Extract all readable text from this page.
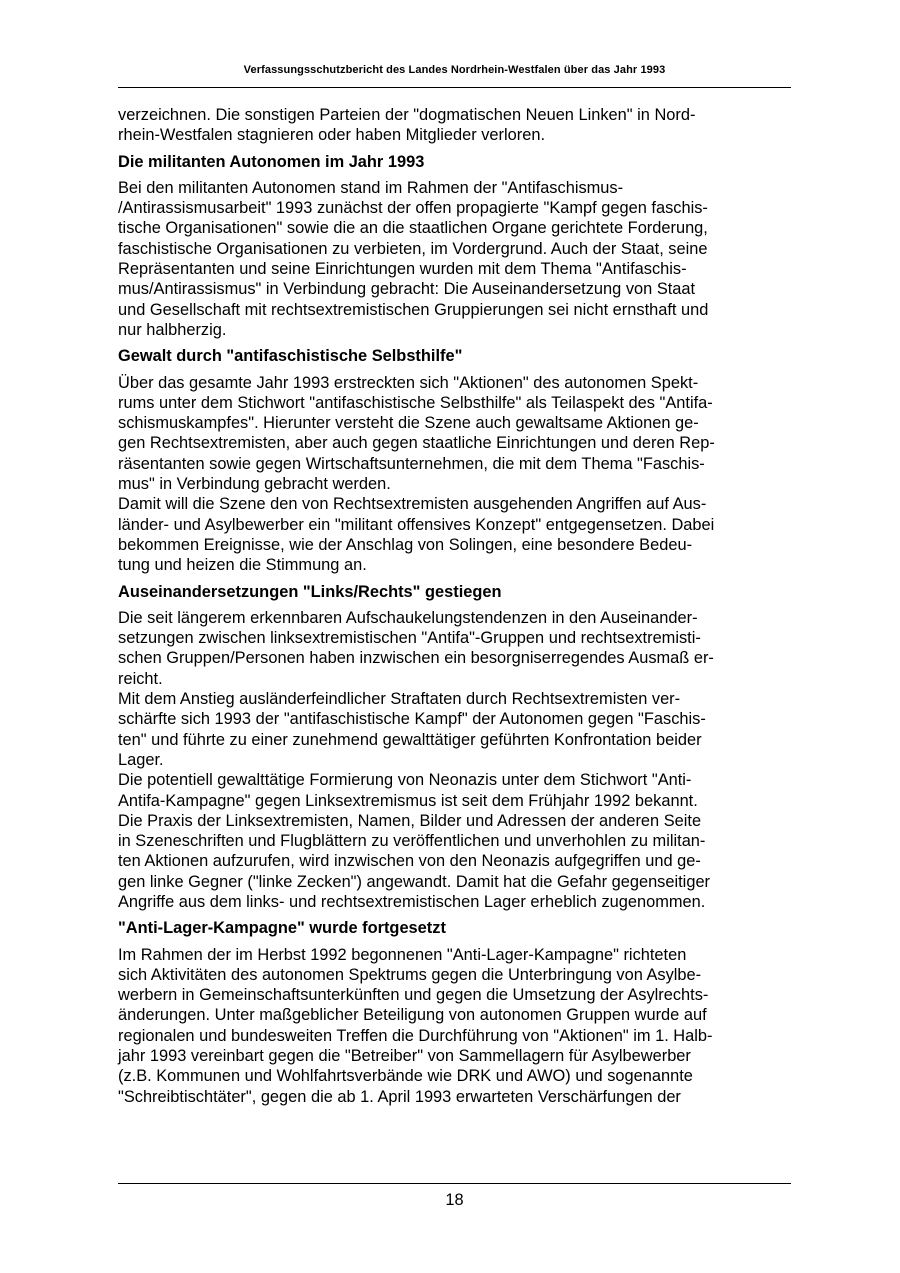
Verfassungsschutzbericht des Landes Nordrhein-Westfalen über das Jahr 1993
verzeichnen. Die sonstigen Parteien der "dogmatischen Neuen Linken" in Nord-
rhein-Westfalen stagnieren oder haben Mitglieder verloren.
Die militanten Autonomen im Jahr 1993
Bei den militanten Autonomen stand im Rahmen der "Antifaschismus-
/Antirassismusarbeit" 1993 zunächst der offen propagierte "Kampf gegen faschis-
tische Organisationen" sowie die an die staatlichen Organe gerichtete Forderung,
faschistische Organisationen zu verbieten, im Vordergrund. Auch der Staat, seine
Repräsentanten und seine Einrichtungen wurden mit dem Thema "Antifaschis-
mus/Antirassismus" in Verbindung gebracht: Die Auseinandersetzung von Staat
und Gesellschaft mit rechtsextremistischen Gruppierungen sei nicht ernsthaft und
nur halbherzig.
Gewalt durch "antifaschistische Selbsthilfe"
Über das gesamte Jahr 1993 erstreckten sich "Aktionen" des autonomen Spekt-
rums unter dem Stichwort "antifaschistische Selbsthilfe" als Teilaspekt des "Antifa-
schismuskampfes". Hierunter versteht die Szene auch gewaltsame Aktionen ge-
gen Rechtsextremisten, aber auch gegen staatliche Einrichtungen und deren Rep-
räsentanten sowie gegen Wirtschaftsunternehmen, die mit dem Thema "Faschis-
mus" in Verbindung gebracht werden.
Damit will die Szene den von Rechtsextremisten ausgehenden Angriffen auf Aus-
länder- und Asylbewerber ein "militant offensives Konzept" entgegensetzen. Dabei
bekommen Ereignisse, wie der Anschlag von Solingen, eine besondere Bedeu-
tung und heizen die Stimmung an.
Auseinandersetzungen "Links/Rechts" gestiegen
Die seit längerem erkennbaren Aufschaukelungstendenzen in den Auseinander-
setzungen zwischen linksextremistischen "Antifa"-Gruppen und rechtsextremisti-
schen Gruppen/Personen haben inzwischen ein besorgniserregendes Ausmaß er-
reicht.
Mit dem Anstieg ausländerfeindlicher Straftaten durch Rechtsextremisten ver-
schärfte sich 1993 der "antifaschistische Kampf" der Autonomen gegen "Faschis-
ten" und führte zu einer zunehmend gewalttätiger geführten Konfrontation beider
Lager.
Die potentiell gewalttätige Formierung von Neonazis unter dem Stichwort "Anti-
Antifa-Kampagne" gegen Linksextremismus ist seit dem Frühjahr 1992 bekannt.
Die Praxis der Linksextremisten, Namen, Bilder und Adressen der anderen Seite
in Szeneschriften und Flugblättern zu veröffentlichen und unverhohlen zu militan-
ten Aktionen aufzurufen, wird inzwischen von den Neonazis aufgegriffen und ge-
gen linke Gegner ("linke Zecken") angewandt. Damit hat die Gefahr gegenseitiger
Angriffe aus dem links- und rechtsextremistischen Lager erheblich zugenommen.
"Anti-Lager-Kampagne" wurde fortgesetzt
Im Rahmen der im Herbst 1992 begonnenen "Anti-Lager-Kampagne" richteten
sich Aktivitäten des autonomen Spektrums gegen die Unterbringung von Asylbe-
werbern in Gemeinschaftsunterkünften und gegen die Umsetzung der Asylrechts-
änderungen. Unter maßgeblicher Beteiligung von autonomen Gruppen wurde auf
regionalen und bundesweiten Treffen die Durchführung von "Aktionen" im 1. Halb-
jahr 1993 vereinbart gegen die "Betreiber" von Sammellagern für Asylbewerber
(z.B. Kommunen und Wohlfahrtsverbände wie DRK und AWO) und sogenannte
"Schreibtischtäter", gegen die ab 1. April 1993 erwarteten Verschärfungen der
18
